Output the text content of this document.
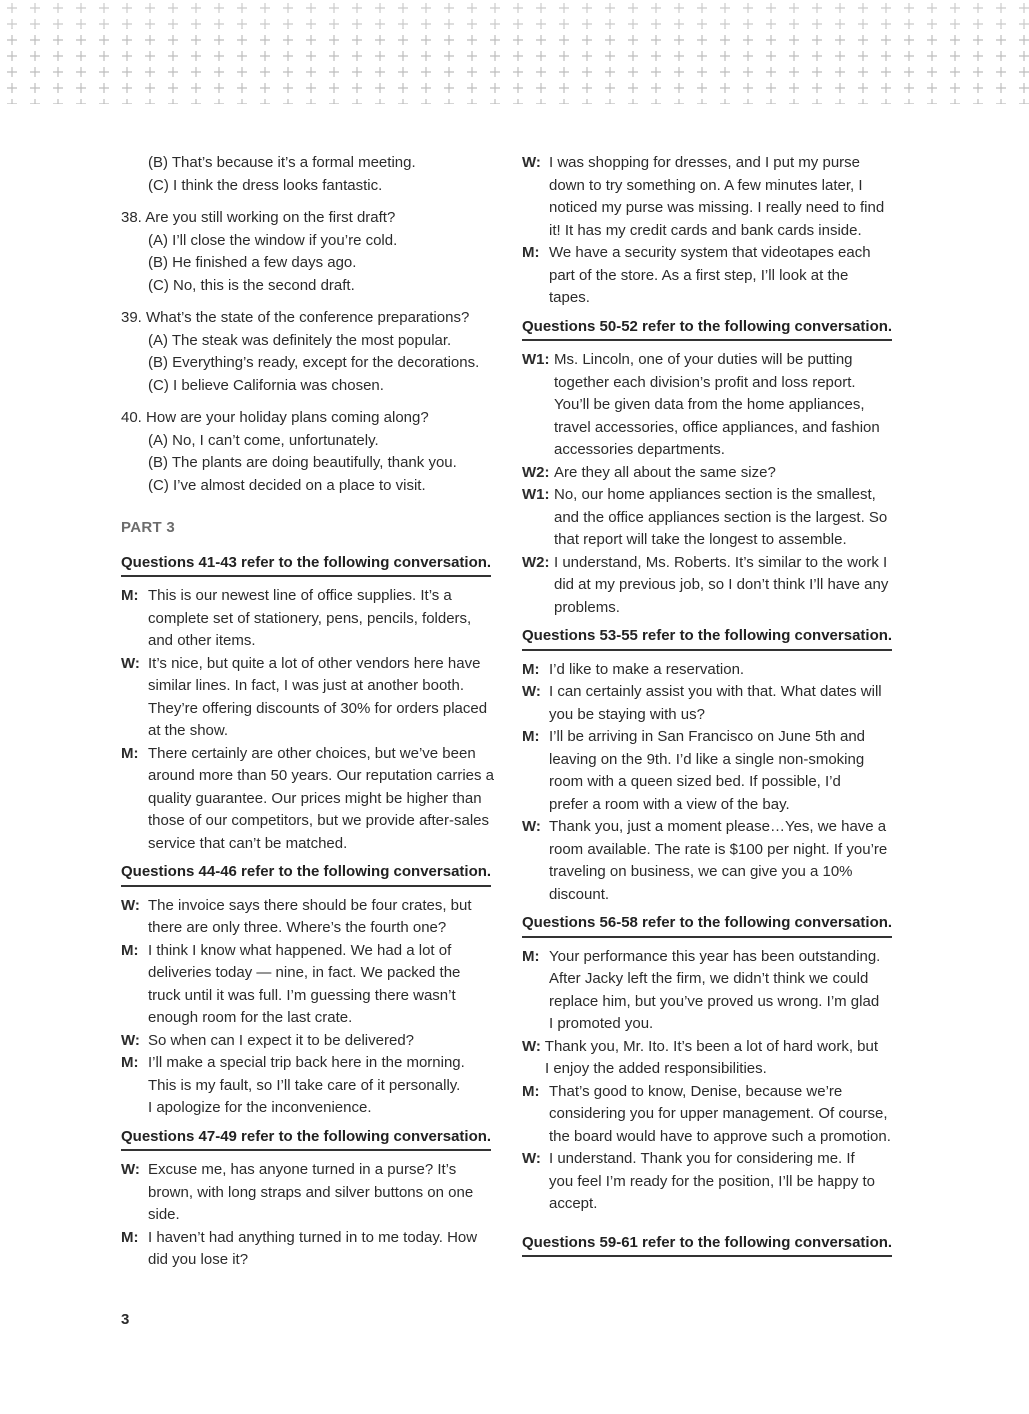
(B) That’s because it’s a formal meeting.
(C) I think the dress looks fantastic.
38. Are you still working on the first draft?
(A) I’ll close the window if you’re cold.
(B) He finished a few days ago.
(C) No, this is the second draft.
39. What’s the state of the conference preparations?
(A) The steak was definitely the most popular.
(B) Everything’s ready, except for the decorations.
(C) I believe California was chosen.
40. How are your holiday plans coming along?
(A) No, I can’t come, unfortunately.
(B) The plants are doing beautifully, thank you.
(C) I’ve almost decided on a place to visit.
PART 3
Questions 41-43 refer to the following conversation.
M: This is our newest line of office supplies. It’s a
complete set of stationery, pens, pencils, folders,
and other items.
W: It’s nice, but quite a lot of other vendors here have
similar lines. In fact, I was just at another booth.
They’re offering discounts of 30% for orders placed
at the show.
M: There certainly are other choices, but we’ve been
around more than 50 years. Our reputation carries a
quality guarantee. Our prices might be higher than
those of our competitors, but we provide after-sales
service that can’t be matched.
Questions 44-46 refer to the following conversation.
W: The invoice says there should be four crates, but
there are only three. Where’s the fourth one?
M: I think I know what happened. We had a lot of
deliveries today — nine, in fact. We packed the
truck until it was full. I’m guessing there wasn’t
enough room for the last crate.
W: So when can I expect it to be delivered?
M: I’ll make a special trip back here in the morning.
This is my fault, so I’ll take care of it personally.
I apologize for the inconvenience.
Questions 47-49 refer to the following conversation.
W: Excuse me, has anyone turned in a purse? It’s
brown, with long straps and silver buttons on one
side.
M: I haven’t had anything turned in to me today. How
did you lose it?
W: I was shopping for dresses, and I put my purse
down to try something on. A few minutes later, I
noticed my purse was missing. I really need to find
it! It has my credit cards and bank cards inside.
M: We have a security system that videotapes each
part of the store. As a first step, I’ll look at the
tapes.
Questions 50-52 refer to the following conversation.
W1: Ms. Lincoln, one of your duties will be putting
together each division’s profit and loss report.
You’ll be given data from the home appliances,
travel accessories, office appliances, and fashion
accessories departments.
W2: Are they all about the same size?
W1: No, our home appliances section is the smallest,
and the office appliances section is the largest. So
that report will take the longest to assemble.
W2: I understand, Ms. Roberts. It’s similar to the work I
did at my previous job, so I don’t think I’ll have any
problems.
Questions 53-55 refer to the following conversation.
M: I’d like to make a reservation.
W: I can certainly assist you with that. What dates will
you be staying with us?
M: I’ll be arriving in San Francisco on June 5th and
leaving on the 9th. I’d like a single non-smoking
room with a queen sized bed. If possible, I’d
prefer a room with a view of the bay.
W: Thank you, just a moment please…Yes, we have a
room available. The rate is $100 per night. If you’re
traveling on business, we can give you a 10%
discount.
Questions 56-58 refer to the following conversation.
M: Your performance this year has been outstanding.
After Jacky left the firm, we didn’t think we could
replace him, but you’ve proved us wrong. I’m glad
I promoted you.
W: Thank you, Mr. Ito. It’s been a lot of hard work, but
I enjoy the added responsibilities.
M: That’s good to know, Denise, because we’re
considering you for upper management. Of course,
the board would have to approve such a promotion.
W: I understand. Thank you for considering me. If
you feel I’m ready for the position, I’ll be happy to
accept.
Questions 59-61 refer to the following conversation.
3
